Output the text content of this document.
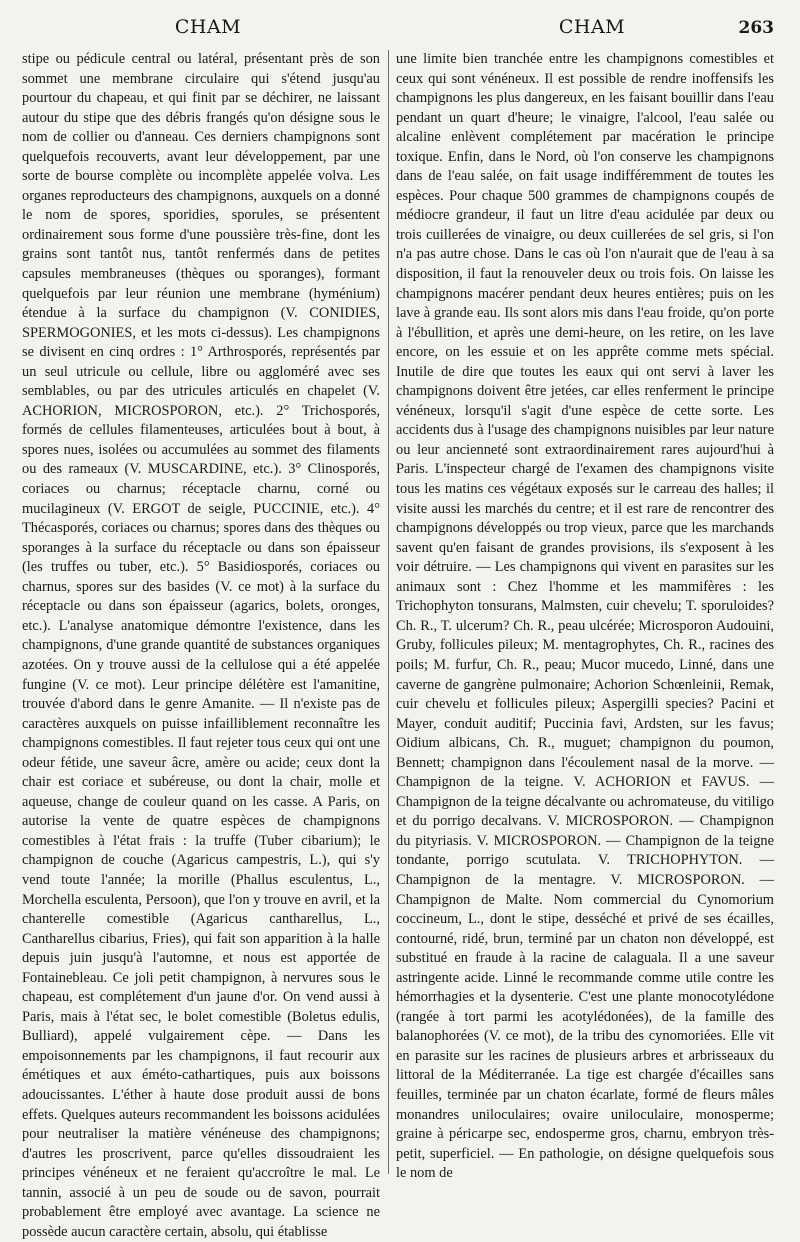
CHAM	CHAM	263

stipe ou pédicule central ou latéral, présentant près de son sommet une membrane circulaire qui s'étend jusqu'au pourtour du chapeau, et qui finit par se déchirer, ne laissant autour du stipe que des débris frangés qu'on désigne sous le nom de collier ou d'anneau. Ces derniers champignons sont quelquefois recouverts, avant leur développement, par une sorte de bourse complète ou incomplète appelée volva. Les organes reproducteurs des champignons, auxquels on a donné le nom de spores, sporidies, sporules, se présentent ordinairement sous forme d'une poussière très-fine, dont les grains sont tantôt nus, tantôt renfermés dans de petites capsules membraneuses (thèques ou sporanges), formant quelquefois par leur réunion une membrane (hyménium) étendue à la surface du champignon (V. CONIDIES, SPERMOGONIES, et les mots ci-dessus). Les champignons se divisent en cinq ordres : 1° Arthrosporés, représentés par un seul utricule ou cellule, libre ou aggloméré avec ses semblables, ou par des utricules articulés en chapelet (V. ACHORION, MICROSPORON, etc.). 2° Trichosporés, formés de cellules filamenteuses, articulées bout à bout, à spores nues, isolées ou accumulées au sommet des filaments ou des rameaux (V. MUSCARDINE, etc.). 3° Clinosporés, coriaces ou charnus; réceptacle charnu, corné ou mucilagineux (V. ERGOT de seigle, PUCCINIE, etc.). 4° Thécasporés, coriaces ou charnus; spores dans des thèques ou sporanges à la surface du réceptacle ou dans son épaisseur (les truffes ou tuber, etc.). 5° Basidiosporés, coriaces ou charnus, spores sur des basides (V. ce mot) à la surface du réceptacle ou dans son épaisseur (agarics, bolets, oronges, etc.). L'analyse anatomique démontre l'existence, dans les champignons, d'une grande quantité de substances organiques azotées. On y trouve aussi de la cellulose qui a été appelée fungine (V. ce mot). Leur principe délétère est l'amanitine, trouvée d'abord dans le genre Amanite. — Il n'existe pas de caractères auxquels on puisse infailliblement reconnaître les champignons comestibles. Il faut rejeter tous ceux qui ont une odeur fétide, une saveur âcre, amère ou acide; ceux dont la chair est coriace et subéreuse, ou dont la chair, molle et aqueuse, change de couleur quand on les casse. A Paris, on autorise la vente de quatre espèces de champignons comestibles à l'état frais : la truffe (Tuber cibarium); le champignon de couche (Agaricus campestris, L.), qui s'y vend toute l'année; la morille (Phallus esculentus, L., Morchella esculenta, Persoon), que l'on y trouve en avril, et la chanterelle comestible (Agaricus cantharellus, L., Cantharellus cibarius, Fries), qui fait son apparition à la halle depuis juin jusqu'à l'automne, et nous est apportée de Fontainebleau. Ce joli petit champignon, à nervures sous le chapeau, est complétement d'un jaune d'or. On vend aussi à Paris, mais à l'état sec, le bolet comestible (Boletus edulis, Bulliard), appelé vulgairement cèpe. — Dans les empoisonnements par les champignons, il faut recourir aux émétiques et aux éméto-cathartiques, puis aux boissons adoucissantes. L'éther à haute dose produit aussi de bons effets. Quelques auteurs recommandent les boissons acidulées pour neutraliser la matière vénéneuse des champignons; d'autres les proscrivent, parce qu'elles dissoudraient les principes vénéneux et ne feraient qu'accroître le mal. Le tannin, associé à un peu de soude ou de savon, pourrait probablement être employé avec avantage. La science ne possède aucun caractère certain, absolu, qui établisse

une limite bien tranchée entre les champignons comestibles et ceux qui sont vénéneux. Il est possible de rendre inoffensifs les champignons les plus dangereux, en les faisant bouillir dans l'eau pendant un quart d'heure; le vinaigre, l'alcool, l'eau salée ou alcaline enlèvent complétement par macération le principe toxique. Enfin, dans le Nord, où l'on conserve les champignons dans de l'eau salée, on fait usage indifféremment de toutes les espèces. Pour chaque 500 grammes de champignons coupés de médiocre grandeur, il faut un litre d'eau acidulée par deux ou trois cuillerées de vinaigre, ou deux cuillerées de sel gris, si l'on n'a pas autre chose. Dans le cas où l'on n'aurait que de l'eau à sa disposition, il faut la renouveler deux ou trois fois. On laisse les champignons macérer pendant deux heures entières; puis on les lave à grande eau. Ils sont alors mis dans l'eau froide, qu'on porte à l'ébullition, et après une demi-heure, on les retire, on les lave encore, on les essuie et on les apprête comme mets spécial. Inutile de dire que toutes les eaux qui ont servi à laver les champignons doivent être jetées, car elles renferment le principe vénéneux, lorsqu'il s'agit d'une espèce de cette sorte. Les accidents dus à l'usage des champignons nuisibles par leur nature ou leur ancienneté sont extraordinairement rares aujourd'hui à Paris. L'inspecteur chargé de l'examen des champignons visite tous les matins ces végétaux exposés sur le carreau des halles; il visite aussi les marchés du centre; et il est rare de rencontrer des champignons développés ou trop vieux, parce que les marchands savent qu'en faisant de grandes provisions, ils s'exposent à les voir détruire. — Les champignons qui vivent en parasites sur les animaux sont : Chez l'homme et les mammifères : les Trichophyton tonsurans, Malmsten, cuir chevelu; T. sporuloides? Ch. R., T. ulcerum? Ch. R., peau ulcérée; Microsporon Audouini, Gruby, follicules pileux; M. mentagrophytes, Ch. R., racines des poils; M. furfur, Ch. R., peau; Mucor mucedo, Linné, dans une caverne de gangrène pulmonaire; Achorion Schœnleinii, Remak, cuir chevelu et follicules pileux; Aspergilli species? Pacini et Mayer, conduit auditif; Puccinia favi, Ardsten, sur les favus; Oidium albicans, Ch. R., muguet; champignon du poumon, Bennett; champignon dans l'écoulement nasal de la morve. — Champignon de la teigne. V. ACHORION et FAVUS. — Champignon de la teigne décalvante ou achromateuse, du vitiligo et du porrigo decalvans. V. MICROSPORON. — Champignon du pityriasis. V. MICROSPORON. — Champignon de la teigne tondante, porrigo scutulata. V. TRICHOPHYTON. — Champignon de la mentagre. V. MICROSPORON. — Champignon de Malte. Nom commercial du Cynomorium coccineum, L., dont le stipe, desséché et privé de ses écailles, contourné, ridé, brun, terminé par un chaton non développé, est substitué en fraude à la racine de calaguala. Il a une saveur astringente acide. Linné le recommande comme utile contre les hémorrhagies et la dysenterie. C'est une plante monocotylédone (rangée à tort parmi les acotylédonées), de la famille des balanophorées (V. ce mot), de la tribu des cynomoriées. Elle vit en parasite sur les racines de plusieurs arbres et arbrisseaux du littoral de la Méditerranée. La tige est chargée d'écailles sans feuilles, terminée par un chaton écarlate, formé de fleurs mâles monandres uniloculaires; ovaire uniloculaire, monosperme; graine à péricarpe sec, endosperme gros, charnu, embryon très-petit, superficiel. — En pathologie, on désigne quelquefois sous le nom de
